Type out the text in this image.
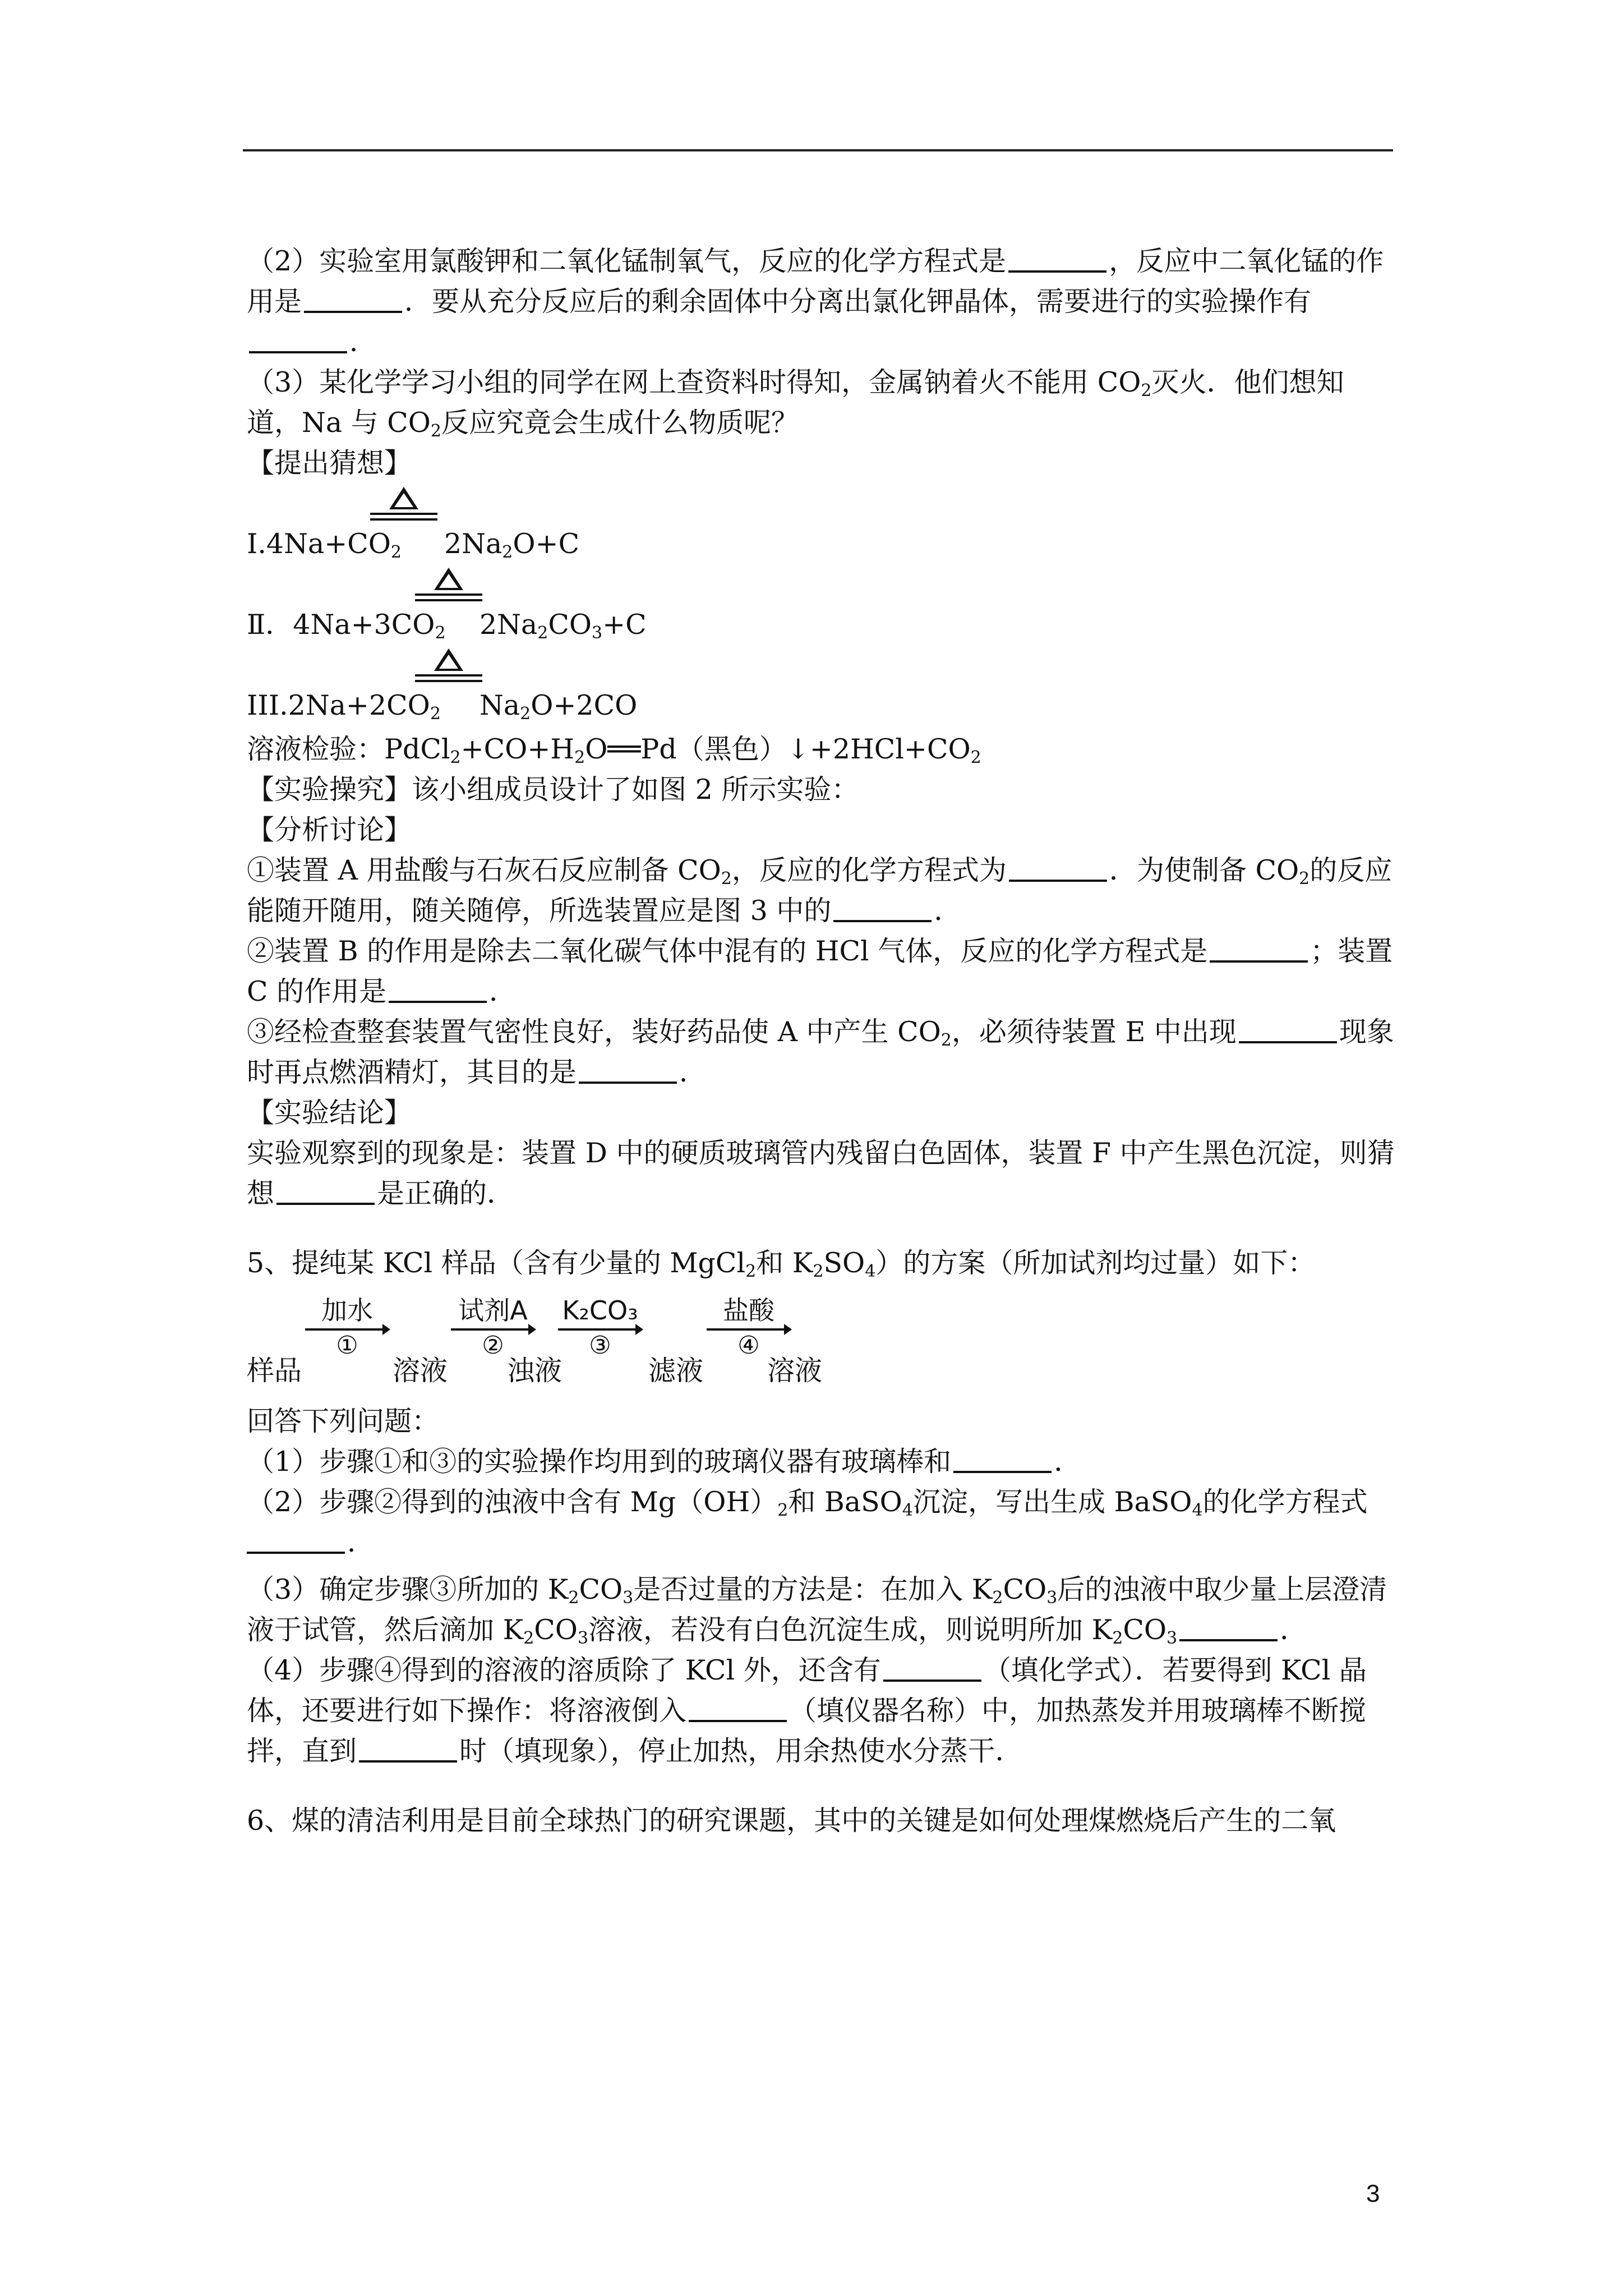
（2）实验室用氯酸钾和二氧化锰制氧气，反应的化学方程式是	，反应中二氧化锰的作用是	．要从充分反应后的剩余固体中分离出氯化钾晶体，需要进行的实验操作有．

（3）某化学学习小组的同学在网上查资料时得知，金属钠着火不能用 $CO_2$灭火．他们想知道，Na 与 $CO_2$反应究竟会生成什么物质呢？

【提出猜想】

$Ⅰ.4Na+CO_2$ $2Na_2O+C$
Ⅱ．$4Na+3CO_2$ $2Na_2CO_3+C$
$III.2Na+2CO_2$ $Na_2O+2CO$

溶液检验：$PdCl_2+CO+H_2O══Pd$（黑色）$↓+2HCl+CO_2$

【实验操究】该小组成员设计了如图 2 所示实验：

【分析讨论】

①装置 A 用盐酸与石灰石反应制备 $CO_2$，反应的化学方程式为	．为使制备 $CO_2$的反应能随开随用，随关随停，所选装置应是图 3 中的	．

②装置 B 的作用是除去二氧化碳气体中混有的 HCl 气体，反应的化学方程式是	；装置 C 的作用是	．

③经检查整套装置气密性良好，装好药品使 A 中产生 $CO_2$，必须待装置 E 中出现	现象时再点燃酒精灯，其目的是	．

【实验结论】

实验观察到的现象是：装置 D 中的硬质玻璃管内残留白色固体，装置 F 中产生黑色沉淀，则猜想	是正确的．

5、提纯某 KCl 样品（含有少量的 MgCl$_2$和 $K_2SO_4$）的方案（所加试剂均过量）如下：

样品
加水
①
溶液
试剂A
②
浊液
K₂CO₃
③
滤液
盐酸
④
溶液

回答下列问题：

（1）步骤①和③的实验操作均用到的玻璃仪器有玻璃棒和	．

（2）步骤②得到的浊液中含有 $Mg(OH)_2$和 BaSO$_4$沉淀，写出生成 BaSO$_4$的化学方程式
．

（3）确定步骤③所加的 $K_2CO_3$是否过量的方法是：在加入 $K_2CO_3$后的浊液中取少量上层澄清液于试管，然后滴加 $K_2CO_3$溶液，若没有白色沉淀生成，则说明所加 $K_2CO_3$	．

（4）步骤④得到的溶液的溶质除了 KCl 外，还含有	（填化学式）．若要得到 KCl 晶体，还要进行如下操作：将溶液倒入	（填仪器名称）中，加热蒸发并用玻璃棒不断搅拌，直到	时（填现象），停止加热，用余热使水分蒸干．

6、煤的清洁利用是目前全球热门的研究课题，其中的关键是如何处理煤燃烧后产生的二氧

3
